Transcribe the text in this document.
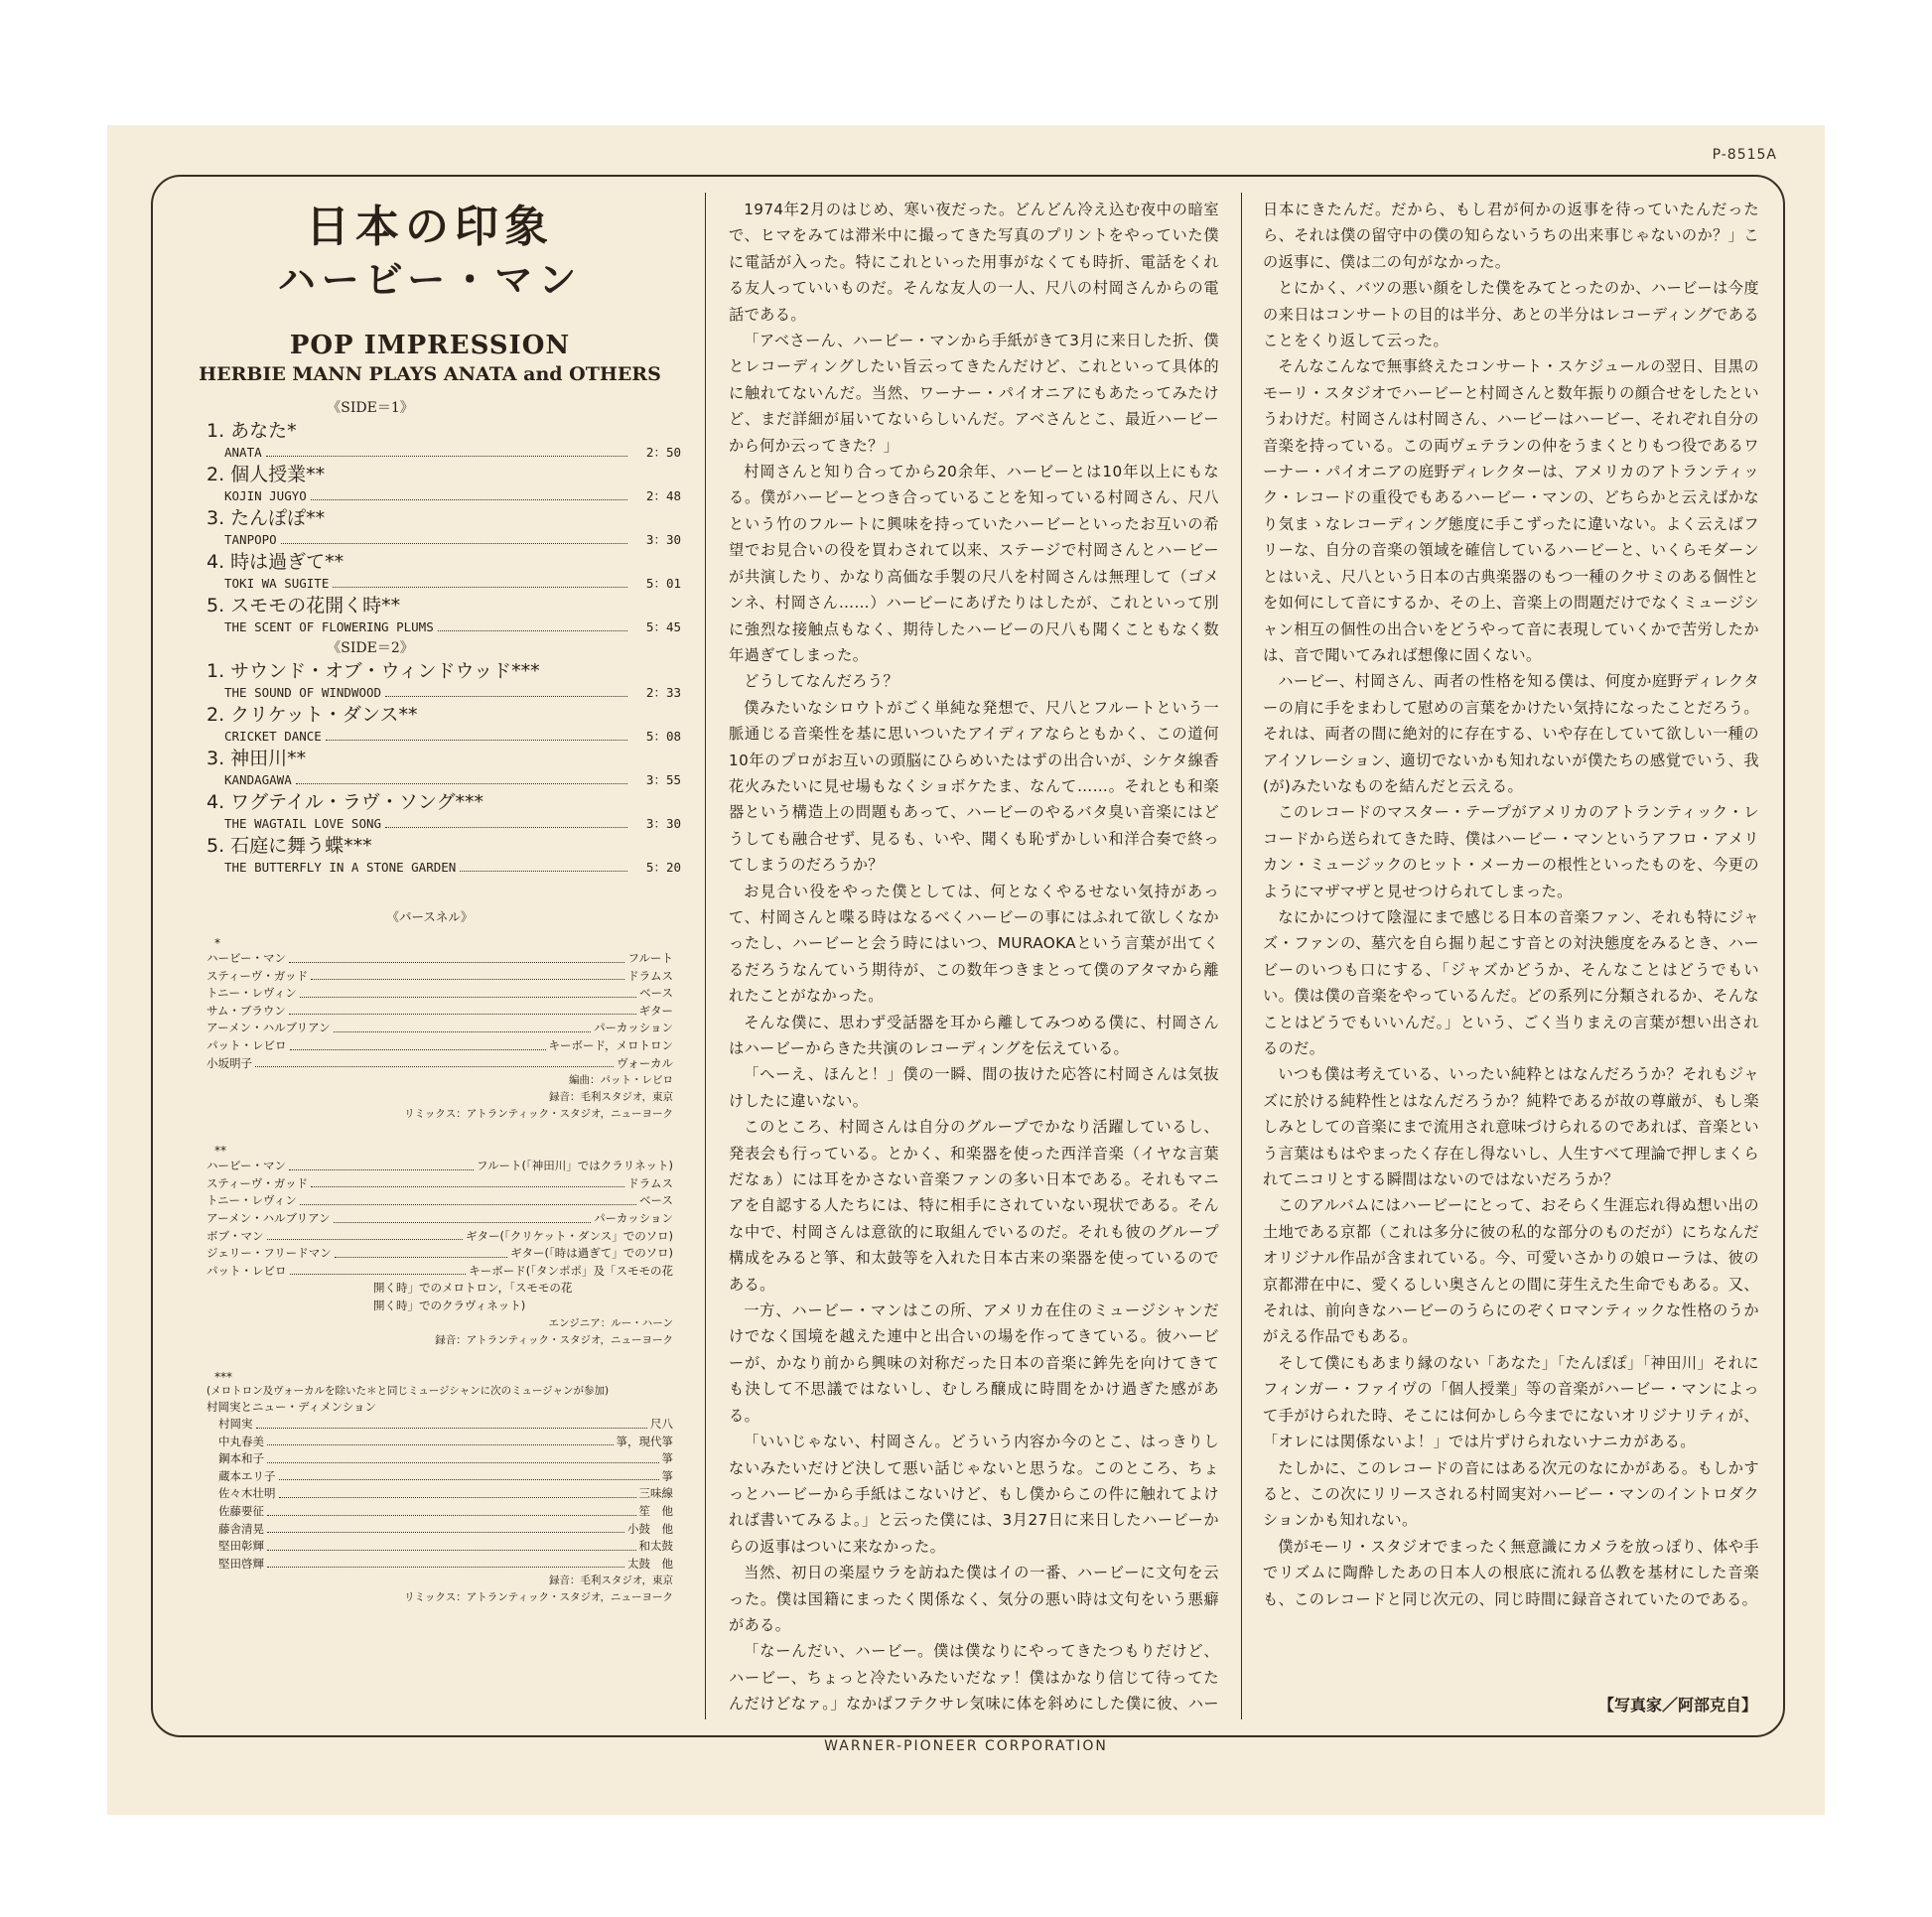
P-8515A
日本の印象
ハービー・マン
POP IMPRESSION
HERBIE MANN PLAYS ANATA and OTHERS
《SIDE＝1》
1. あなた*
ANATA	2：50
2. 個人授業**
KOJIN JUGYO	2：48
3. たんぽぽ**
TANPOPO	3：30
4. 時は過ぎて**
TOKI WA SUGITE	5：01
5. スモモの花開く時**
THE SCENT OF FLOWERING PLUMS	5：45
《SIDE＝2》
1. サウンド・オブ・ウィンドウッド***
THE SOUND OF WINDWOOD	2：33
2. クリケット・ダンス**
CRICKET DANCE	5：08
3. 神田川**
KANDAGAWA	3：55
4. ワグテイル・ラヴ・ソング***
THE WAGTAIL LOVE SONG	3：30
5. 石庭に舞う蝶***
THE BUTTERFLY IN A STONE GARDEN	5：20
《パースネル》
*
ハービー・マン	フルート
スティーヴ・ガッド	ドラムス
トニー・レヴィン	ベース
サム・ブラウン	ギター
アーメン・ハルブリアン	パーカッション
パット・レビロ	キーボード，メロトロン
小坂明子	ヴォーカル
編曲：パット・レビロ
録音：毛利スタジオ，東京
リミックス：アトランティック・スタジオ，ニューヨーク
**
ハービー・マン	フルート(「神田川」ではクラリネット)
スティーヴ・ガッド	ドラムス
トニー・レヴィン	ベース
アーメン・ハルブリアン	パーカッション
ボブ・マン	ギター(「クリケット・ダンス」でのソロ)
ジェリー・フリードマン	ギター(「時は過ぎて」でのソロ)
パット・レビロ	キーボード(「タンポポ」及「スモモの花
開く時」でのメロトロン，「スモモの花
開く時」でのクラヴィネット)
エンジニア：ルー・ハーン
録音：アトランティック・スタジオ，ニューヨーク
***
(メロトロン及ヴォーカルを除いた＊と同じミュージシャンに次のミュージャンが参加)
村岡実とニュー・ディメンション
村岡実	尺八
中丸春美	箏，現代箏
鋼本和子	箏
蔵本エリ子	箏
佐々木壮明	三味線
佐藤要征	笙　他
藤舎清晃	小鼓　他
堅田彰輝	和太鼓
堅田啓輝	太鼓　他
録音：毛利スタジオ，東京
リミックス：アトランティック・スタジオ，ニューヨーク

1974年2月のはじめ、寒い夜だった。どんどん冷え込む夜中の暗室で、ヒマをみては滞米中に撮ってきた写真のプリントをやっていた僕に電話が入った。特にこれといった用事がなくても時折、電話をくれる友人っていいものだ。そんな友人の一人、尺八の村岡さんからの電話である。

「アベさーん、ハービー・マンから手紙がきて3月に来日した折、僕とレコーディングしたい旨云ってきたんだけど、これといって具体的に触れてないんだ。当然、ワーナー・パイオニアにもあたってみたけど、まだ詳細が届いてないらしいんだ。アベさんとこ、最近ハービーから何か云ってきた？」

村岡さんと知り合ってから20余年、ハービーとは10年以上にもなる。僕がハービーとつき合っていることを知っている村岡さん、尺八という竹のフルートに興味を持っていたハービーといったお互いの希望でお見合いの役を買わされて以来、ステージで村岡さんとハービーが共演したり、かなり高価な手製の尺八を村岡さんは無理して（ゴメンネ、村岡さん……）ハービーにあげたりはしたが、これといって別に強烈な接触点もなく、期待したハービーの尺八も聞くこともなく数年過ぎてしまった。

どうしてなんだろう？

僕みたいなシロウトがごく単純な発想で、尺八とフルートという一脈通じる音楽性を基に思いついたアイディアならともかく、この道何10年のプロがお互いの頭脳にひらめいたはずの出合いが、シケタ線香花火みたいに見せ場もなくショボケたま、なんて……。それとも和楽器という構造上の問題もあって、ハービーのやるバタ臭い音楽にはどうしても融合せず、見るも、いや、聞くも恥ずかしい和洋合奏で終ってしまうのだろうか？

お見合い役をやった僕としては、何となくやるせない気持があって、村岡さんと喋る時はなるべくハービーの事にはふれて欲しくなかったし、ハービーと会う時にはいつ、MURAOKAという言葉が出てくるだろうなんていう期待が、この数年つきまとって僕のアタマから離れたことがなかった。

そんな僕に、思わず受話器を耳から離してみつめる僕に、村岡さんはハービーからきた共演のレコーディングを伝えている。

「へーえ、ほんと！」僕の一瞬、間の抜けた応答に村岡さんは気抜けしたに違いない。

このところ、村岡さんは自分のグループでかなり活躍しているし、発表会も行っている。とかく、和楽器を使った西洋音楽（イヤな言葉だなぁ）には耳をかさない音楽ファンの多い日本である。それもマニアを自認する人たちには、特に相手にされていない現状である。そんな中で、村岡さんは意欲的に取組んでいるのだ。それも彼のグループ構成をみると箏、和太鼓等を入れた日本古来の楽器を使っているのである。

一方、ハービー・マンはこの所、アメリカ在住のミュージシャンだけでなく国境を越えた連中と出合いの場を作ってきている。彼ハービーが、かなり前から興味の対称だった日本の音楽に鉾先を向けてきても決して不思議ではないし、むしろ醸成に時間をかけ過ぎた感がある。

「いいじゃない、村岡さん。どういう内容か今のとこ、はっきりしないみたいだけど決して悪い話じゃないと思うな。このところ、ちょっとハービーから手紙はこないけど、もし僕からこの件に触れてよければ書いてみるよ。」と云った僕には、3月27日に来日したハービーからの返事はついに来なかった。

当然、初日の楽屋ウラを訪ねた僕はイの一番、ハービーに文句を云った。僕は国籍にまったく関係なく、気分の悪い時は文句をいう悪癖がある。

「なーんだい、ハービー。僕は僕なりにやってきたつもりだけど、ハービー、ちょっと冷たいみたいだなァ！僕はかなり信じて待ってたんだけどなァ。」なかばフテクサレ気味に体を斜めにした僕に彼、ハー

日本にきたんだ。だから、もし君が何かの返事を待っていたんだったら、それは僕の留守中の僕の知らないうちの出来事じゃないのか？」この返事に、僕は二の句がなかった。

とにかく、バツの悪い顔をした僕をみてとったのか、ハービーは今度の来日はコンサートの目的は半分、あとの半分はレコーディングであることをくり返して云った。

そんなこんなで無事終えたコンサート・スケジュールの翌日、目黒のモーリ・スタジオでハービーと村岡さんと数年振りの顔合せをしたというわけだ。村岡さんは村岡さん、ハービーはハービー、それぞれ自分の音楽を持っている。この両ヴェテランの仲をうまくとりもつ役であるワーナー・パイオニアの庭野ディレクターは、アメリカのアトランティック・レコードの重役でもあるハービー・マンの、どちらかと云えばかなり気まゝなレコーディング態度に手こずったに違いない。よく云えばフリーな、自分の音楽の領域を確信しているハービーと、いくらモダーンとはいえ、尺八という日本の古典楽器のもつ一種のクサミのある個性とを如何にして音にするか、その上、音楽上の問題だけでなくミュージシャン相互の個性の出合いをどうやって音に表現していくかで苦労したかは、音で聞いてみれば想像に固くない。

ハービー、村岡さん、両者の性格を知る僕は、何度か庭野ディレクターの肩に手をまわして慰めの言葉をかけたい気持になったことだろう。それは、両者の間に絶対的に存在する、いや存在していて欲しい一種のアイソレーション、適切でないかも知れないが僕たちの感覚でいう、我(が)みたいなものを結んだと云える。

このレコードのマスター・テープがアメリカのアトランティック・レコードから送られてきた時、僕はハービー・マンというアフロ・アメリカン・ミュージックのヒット・メーカーの根性といったものを、今更のようにマザマザと見せつけられてしまった。

なにかにつけて陰湿にまで感じる日本の音楽ファン、それも特にジャズ・ファンの、墓穴を自ら掘り起こす音との対決態度をみるとき、ハービーのいつも口にする、「ジャズかどうか、そんなことはどうでもいい。僕は僕の音楽をやっているんだ。どの系列に分類されるか、そんなことはどうでもいいんだ。」という、ごく当りまえの言葉が想い出されるのだ。

いつも僕は考えている、いったい純粋とはなんだろうか？それもジャズに於ける純粋性とはなんだろうか？純粋であるが故の尊厳が、もし楽しみとしての音楽にまで流用され意味づけられるのであれば、音楽という言葉はもはやまったく存在し得ないし、人生すべて理論で押しまくられてニコリとする瞬間はないのではないだろうか？

このアルバムにはハービーにとって、おそらく生涯忘れ得ぬ想い出の土地である京都（これは多分に彼の私的な部分のものだが）にちなんだオリジナル作品が含まれている。今、可愛いさかりの娘ローラは、彼の京都滞在中に、愛くるしい奥さんとの間に芽生えた生命でもある。又、それは、前向きなハービーのうらにのぞくロマンティックな性格のうかがえる作品でもある。

そして僕にもあまり縁のない「あなた」「たんぽぽ」「神田川」それにフィンガー・ファイヴの「個人授業」等の音楽がハービー・マンによって手がけられた時、そこには何かしら今までにないオリジナリティが、「オレには関係ないよ！」では片ずけられないナニカがある。

たしかに、このレコードの音にはある次元のなにかがある。もしかすると、この次にリリースされる村岡実対ハービー・マンのイントロダクションかも知れない。

僕がモーリ・スタジオでまったく無意識にカメラを放っぽり、体や手でリズムに陶酔したあの日本人の根底に流れる仏教を基材にした音楽も、このレコードと同じ次元の、同じ時間に録音されていたのである。

【写真家／阿部克自】
WARNER-PIONEER CORPORATION
